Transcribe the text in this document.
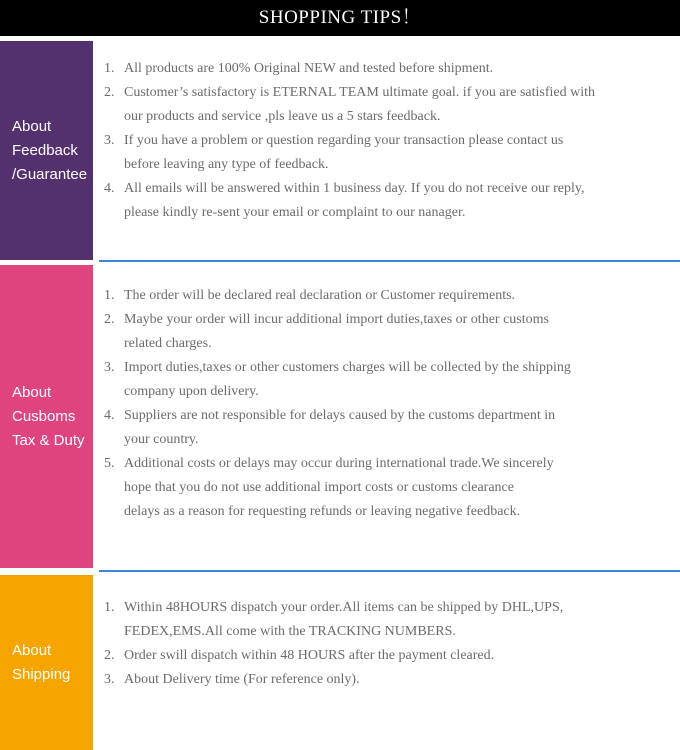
SHOPPING TIPS！
About
Feedback
/Guarantee
1. All products are 100% Original NEW and tested before shipment.
2. Customer’s satisfactory is ETERNAL TEAM ultimate goal. if you are satisfied with
our products and service ,pls leave us a 5 stars feedback.
3. If you have a problem or question regarding your transaction please contact us
before leaving any type of feedback.
4. All emails will be answered within 1 business day. If you do not receive our reply,
please kindly re-sent your email or complaint to our nanager.
About
Cusboms
Tax & Duty
1. The order will be declared real declaration or Customer requirements.
2. Maybe your order will incur additional import duties,taxes or other customs
related charges.
3. Import duties,taxes or other customers charges will be collected by the shipping
company upon delivery.
4. Suppliers are not responsible for delays caused by the customs department in
your country.
5. Additional costs or delays may occur during international trade.We sincerely
hope that you do not use additional import costs or customs clearance
delays as a reason for requesting refunds or leaving negative feedback.
About
Shipping
1. Within 48HOURS dispatch your order.All items can be shipped by DHL,UPS,
FEDEX,EMS.All come with the TRACKING NUMBERS.
2. Order swill dispatch within 48 HOURS after the payment cleared.
3. About Delivery time (For reference only).
